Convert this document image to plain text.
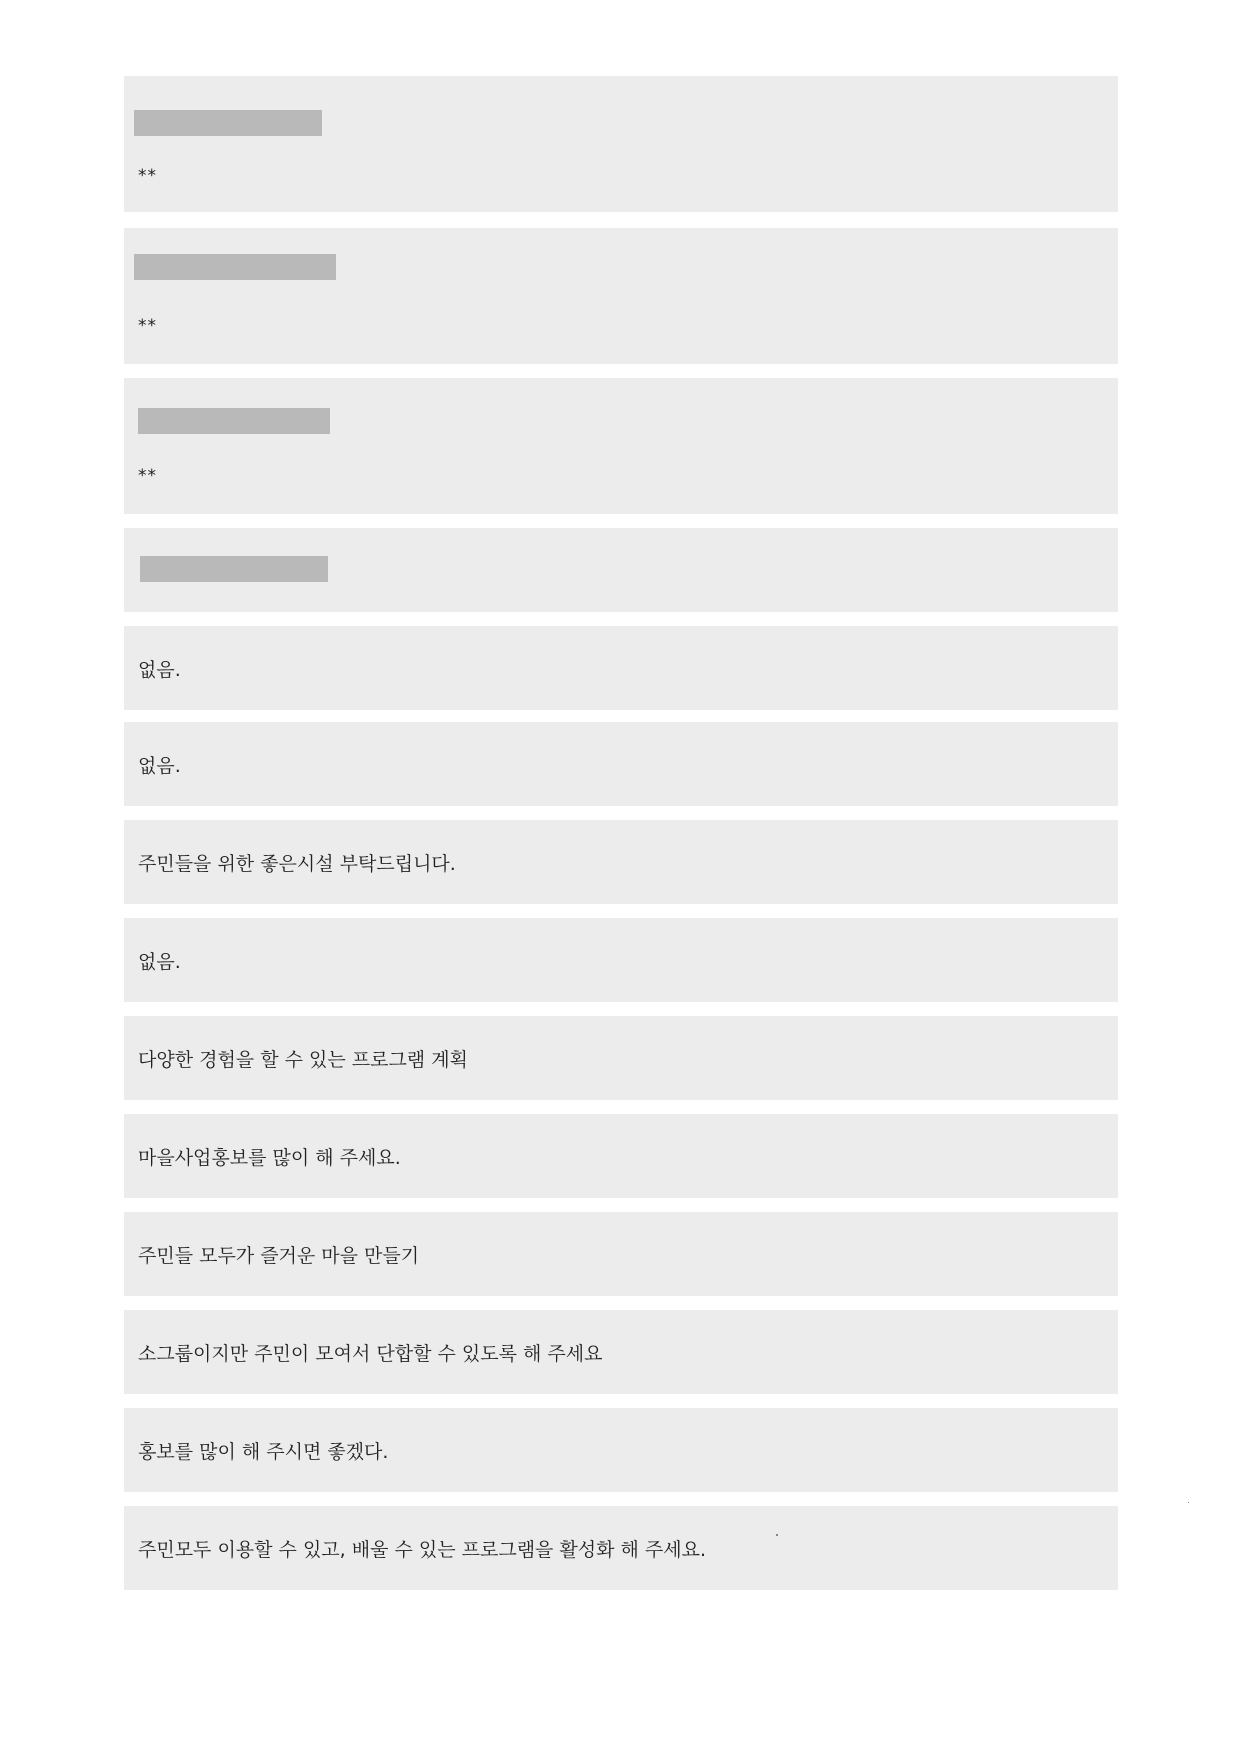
**
**
**
없음.
없음.
주민들을 위한 좋은시설 부탁드립니다.
없음.
다양한 경험을 할 수 있는 프로그램 계획
마을사업홍보를 많이 해 주세요.
주민들 모두가 즐거운 마을 만들기
소그룹이지만 주민이 모여서 단합할 수 있도록 해 주세요
홍보를 많이 해 주시면 좋겠다.
주민모두 이용할 수 있고, 배울 수 있는 프로그램을 활성화 해 주세요.
